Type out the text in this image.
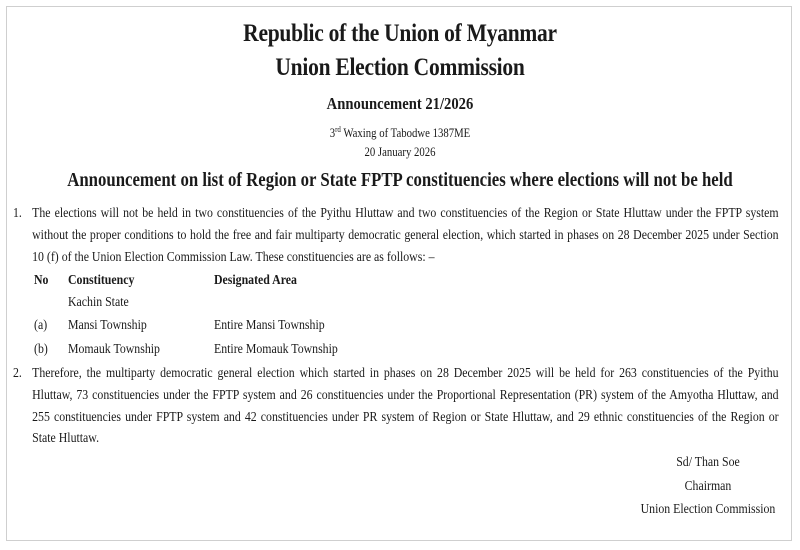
Republic of the Union of Myanmar
Union Election Commission
Announcement 21/2026
3rd Waxing of Tabodwe 1387ME
20 January 2026
Announcement on list of Region or State FPTP constituencies where elections will not be held
1. The elections will not be held in two constituencies of the Pyithu Hluttaw and two constituencies of the Region or State Hluttaw under the FPTP system without the proper conditions to hold the free and fair multiparty democratic general election, which started in phases on 28 December 2025 under Section 10 (f) of the Union Election Commission Law. These constituencies are as follows: –
No Constituency	Designated Area
Kachin State
(a) Mansi Township	Entire Mansi Township
(b) Momauk Township	Entire Momauk Township
2. Therefore, the multiparty democratic general election which started in phases on 28 December 2025 will be held for 263 constituencies of the Pyithu Hluttaw, 73 constituencies under the FPTP system and 26 constituencies under the Proportional Representation (PR) system of the Amyotha Hluttaw, and 255 constituencies under FPTP system and 42 constituencies under PR system of Region or State Hluttaw, and 29 ethnic constituencies of the Region or State Hluttaw.
Sd/ Than Soe
Chairman
Union Election Commission
